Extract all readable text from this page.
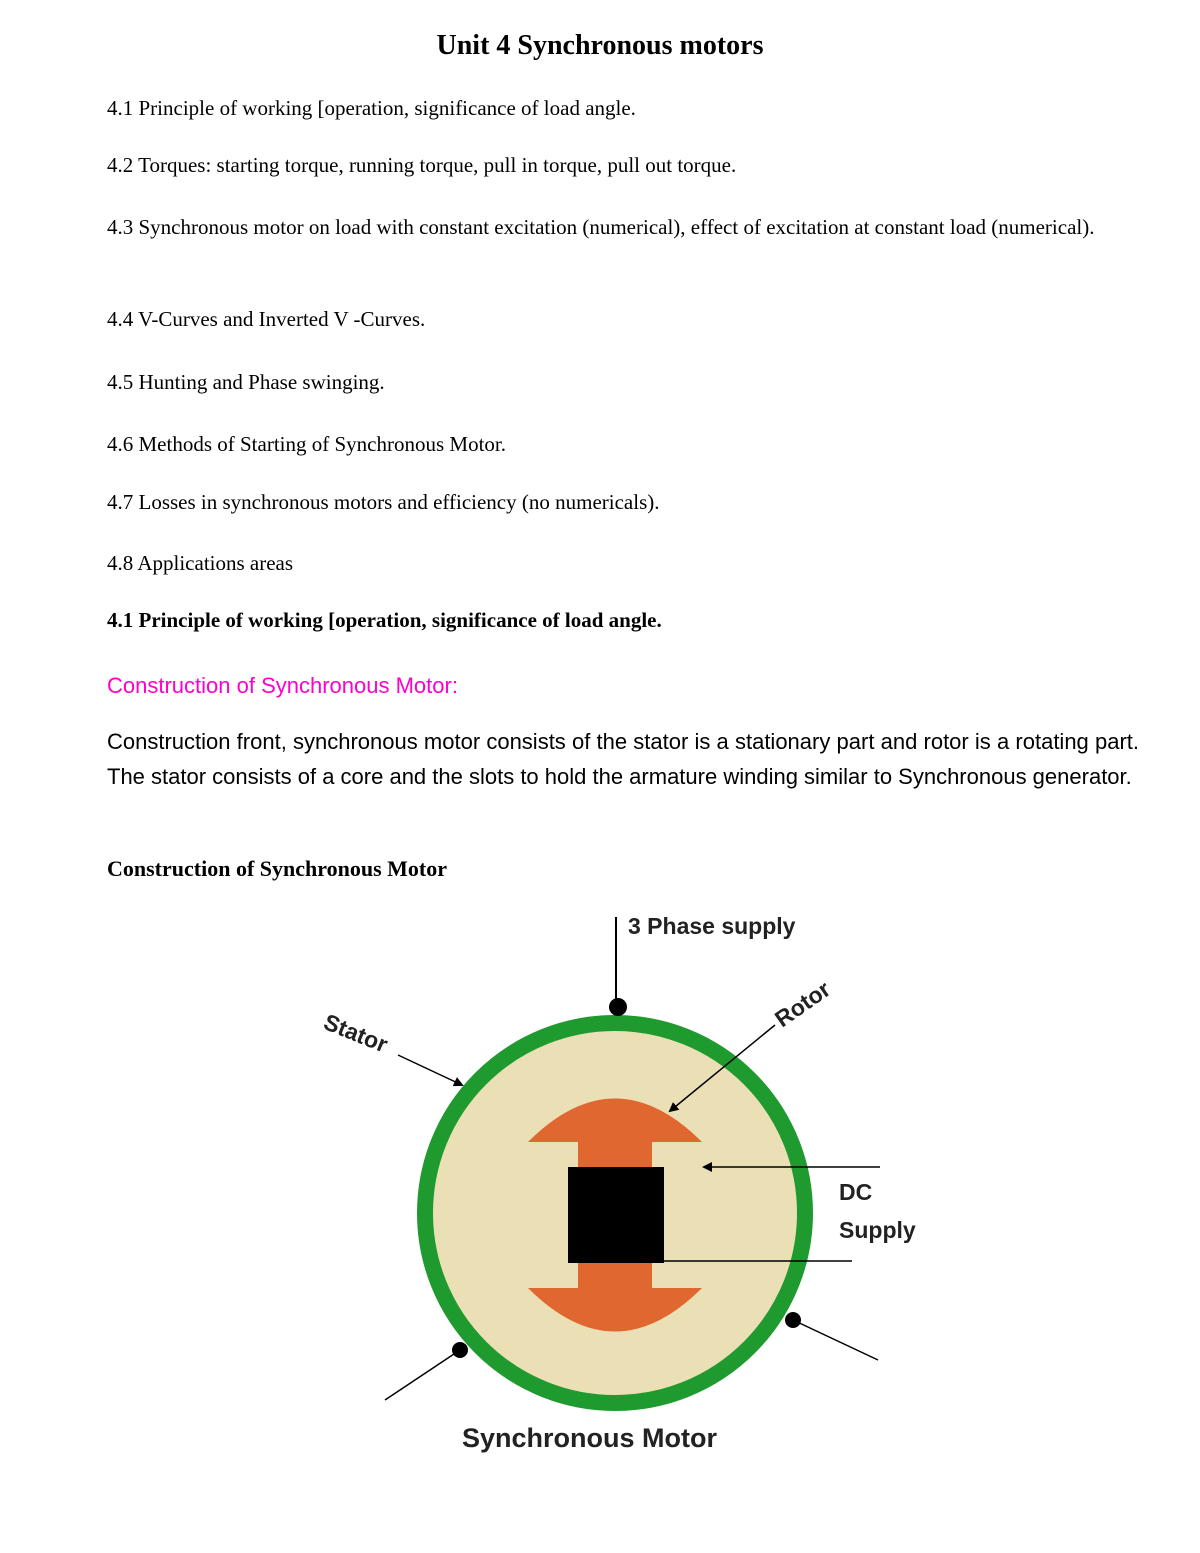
Unit 4 Synchronous motors
4.1 Principle of working [operation, significance of load angle.
4.2 Torques: starting torque, running torque, pull in torque, pull out torque.
4.3 Synchronous motor on load with constant excitation (numerical), effect of excitation at constant load (numerical).
4.4 V-Curves and Inverted V -Curves.
4.5 Hunting and Phase swinging.
4.6 Methods of Starting of Synchronous Motor.
4.7 Losses in synchronous motors and efficiency (no numericals).
4.8 Applications areas
4.1 Principle of working [operation, significance of load angle.
Construction of Synchronous Motor:
Construction front, synchronous motor consists of the stator is a stationary part and rotor is a rotating part. The stator consists of a core and the slots to hold the armature winding similar to Synchronous generator.
Construction of Synchronous Motor
3 Phase supply
Stator
Rotor
DC
Supply
Synchronous Motor
